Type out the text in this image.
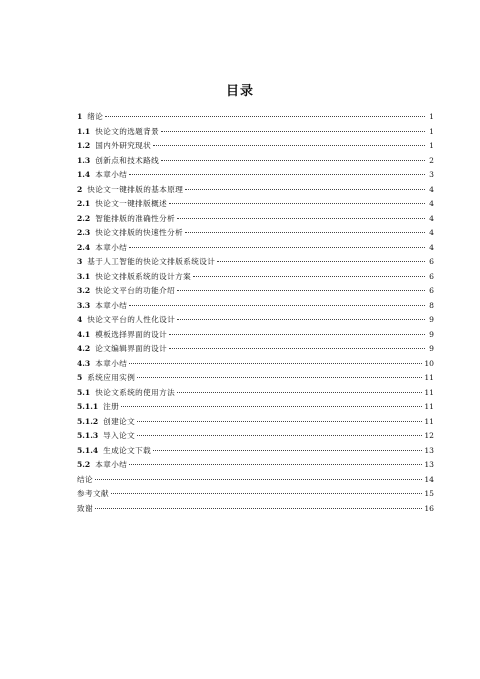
目录
1 绪论	1
1.1 快论文的选题背景	1
1.2 国内外研究现状	1
1.3 创新点和技术路线	2
1.4 本章小结	3
2 快论文一键排版的基本原理	4
2.1 快论文一键排版概述	4
2.2 智能排版的准确性分析	4
2.3 快论文排版的快速性分析	4
2.4 本章小结	4
3 基于人工智能的快论文排版系统设计	6
3.1 快论文排版系统的设计方案	6
3.2 快论文平台的功能介绍	6
3.3 本章小结	8
4 快论文平台的人性化设计	9
4.1 模板选择界面的设计	9
4.2 论文编辑界面的设计	9
4.3 本章小结	10
5 系统应用实例	11
5.1 快论文系统的使用方法	11
5.1.1 注册	11
5.1.2 创建论文	11
5.1.3 导入论文	12
5.1.4 生成论文下载	13
5.2 本章小结	13
结论	14
参考文献	15
致谢	16
